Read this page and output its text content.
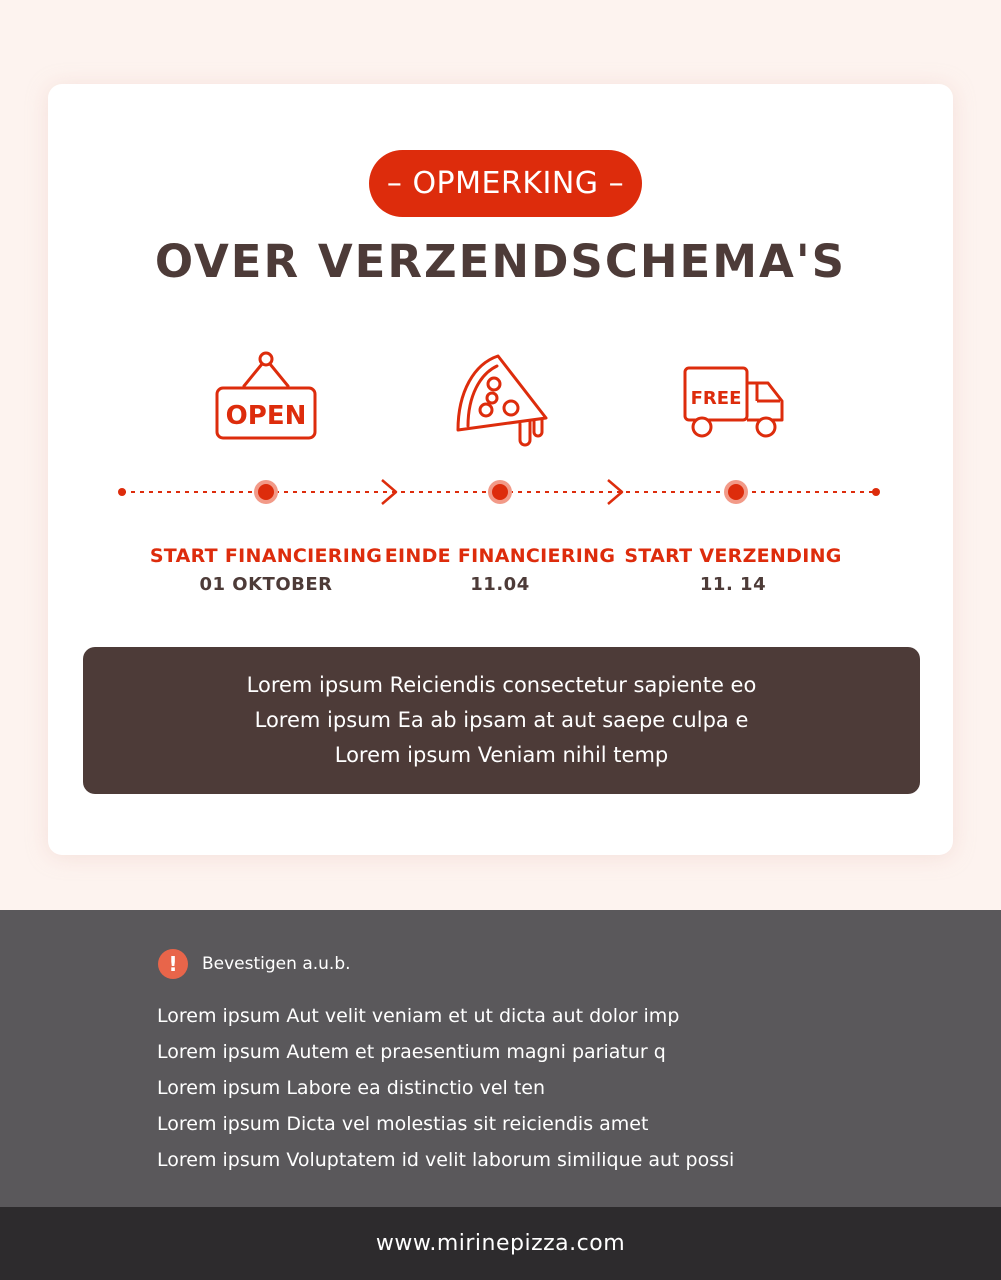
– OPMERKING –
OVER VERZENDSCHEMA'S
OPEN
FREE
START FINANCIERING
01 OKTOBER
EINDE FINANCIERING
11.04
START VERZENDING
11. 14
Lorem ipsum Reiciendis consectetur sapiente eo
Lorem ipsum Ea ab ipsam at aut saepe culpa e
Lorem ipsum Veniam nihil temp
!	Bevestigen a.u.b.
Lorem ipsum Aut velit veniam et ut dicta aut dolor imp
Lorem ipsum Autem et praesentium magni pariatur q
Lorem ipsum Labore ea distinctio vel ten
Lorem ipsum Dicta vel molestias sit reiciendis amet
Lorem ipsum Voluptatem id velit laborum similique aut possi
www.mirinepizza.com
